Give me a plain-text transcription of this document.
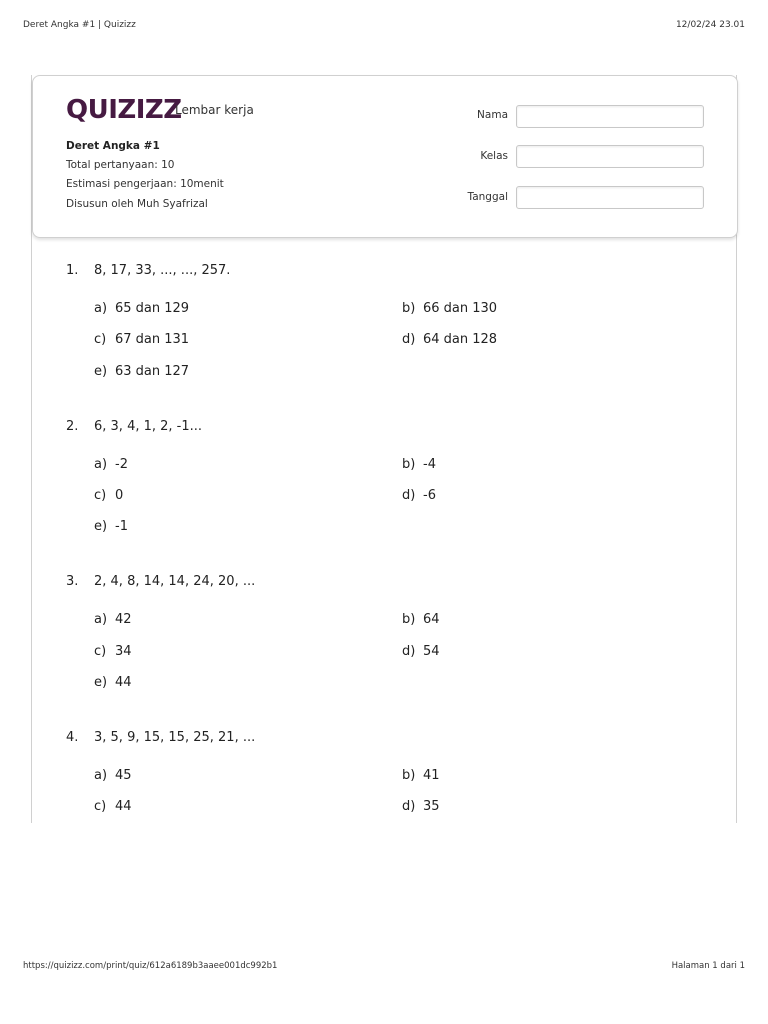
Deret Angka #1 | Quizizz	12/02/24 23.01
QUIZIZZ
Lembar kerja
Deret Angka #1
Total pertanyaan: 10
Estimasi pengerjaan: 10menit
Disusun oleh Muh Syafrizal
Nama
Kelas
Tanggal
1. 8, 17, 33, ..., ..., 257.
a) 65 dan 129	b) 66 dan 130
c) 67 dan 131	d) 64 dan 128
e) 63 dan 127
2. 6, 3, 4, 1, 2, -1...
a) -2	b) -4
c) 0	d) -6
e) -1
3. 2, 4, 8, 14, 14, 24, 20, ...
a) 42	b) 64
c) 34	d) 54
e) 44
4. 3, 5, 9, 15, 15, 25, 21, ...
a) 45	b) 41
c) 44	d) 35
https://quizizz.com/print/quiz/612a6189b3aaee001dc992b1	Halaman 1 dari 1
